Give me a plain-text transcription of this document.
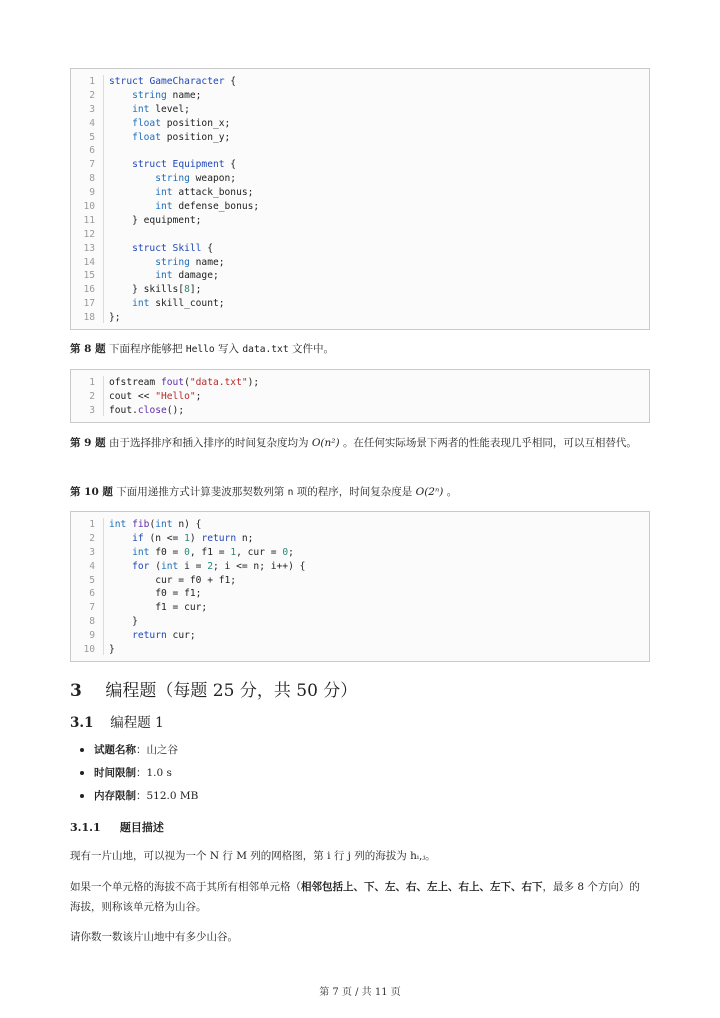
1 struct GameCharacter {
2	string name;
3	int level;
4	float position_x;
5	float position_y;
6
7	struct Equipment {
8	string weapon;
9	int attack_bonus;
10	int defense_bonus;
11 } equipment;
12
13	struct Skill {
14	string name;
15	int damage;
16 } skills[8];
17	int skill_count;
18 };
第 8 题 下面程序能够把 Hello 写入 data.txt 文件中。
1 ofstream fout("data.txt");
2 cout << "Hello";
3 fout.close();
第 9 题 由于选择排序和插入排序的时间复杂度均为 O(n²) 。在任何实际场景下两者的性能表现几乎相同，可以互相替代。
第 10 题 下面用递推方式计算斐波那契数列第 n 项的程序，时间复杂度是 O(2ⁿ) 。
1 int fib(int n) {
2	if (n <= 1) return n;
3	int f0 = 0, f1 = 1, cur = 0;
4	for (int i = 2; i <= n; i++) {
5 cur = f0 + f1;
6 f0 = f1;
7 f1 = cur;
8 }
9	return cur;
10 }
3 编程题（每题 25 分，共 50 分）
3.1 编程题 1
试题名称：山之谷
时间限制：1.0 s
内存限制：512.0 MB
3.1.1 题目描述
现有一片山地，可以视为一个 N 行 M 列的网格图，第 i 行 j 列的海拔为 hᵢ,ⱼ。
如果一个单元格的海拔不高于其所有相邻单元格（相邻包括上、下、左、右、左上、右上、左下、右下，最多 8 个方向）的海拔，则称该单元格为山谷。
请你数一数该片山地中有多少山谷。
第 7 页 / 共 11 页
